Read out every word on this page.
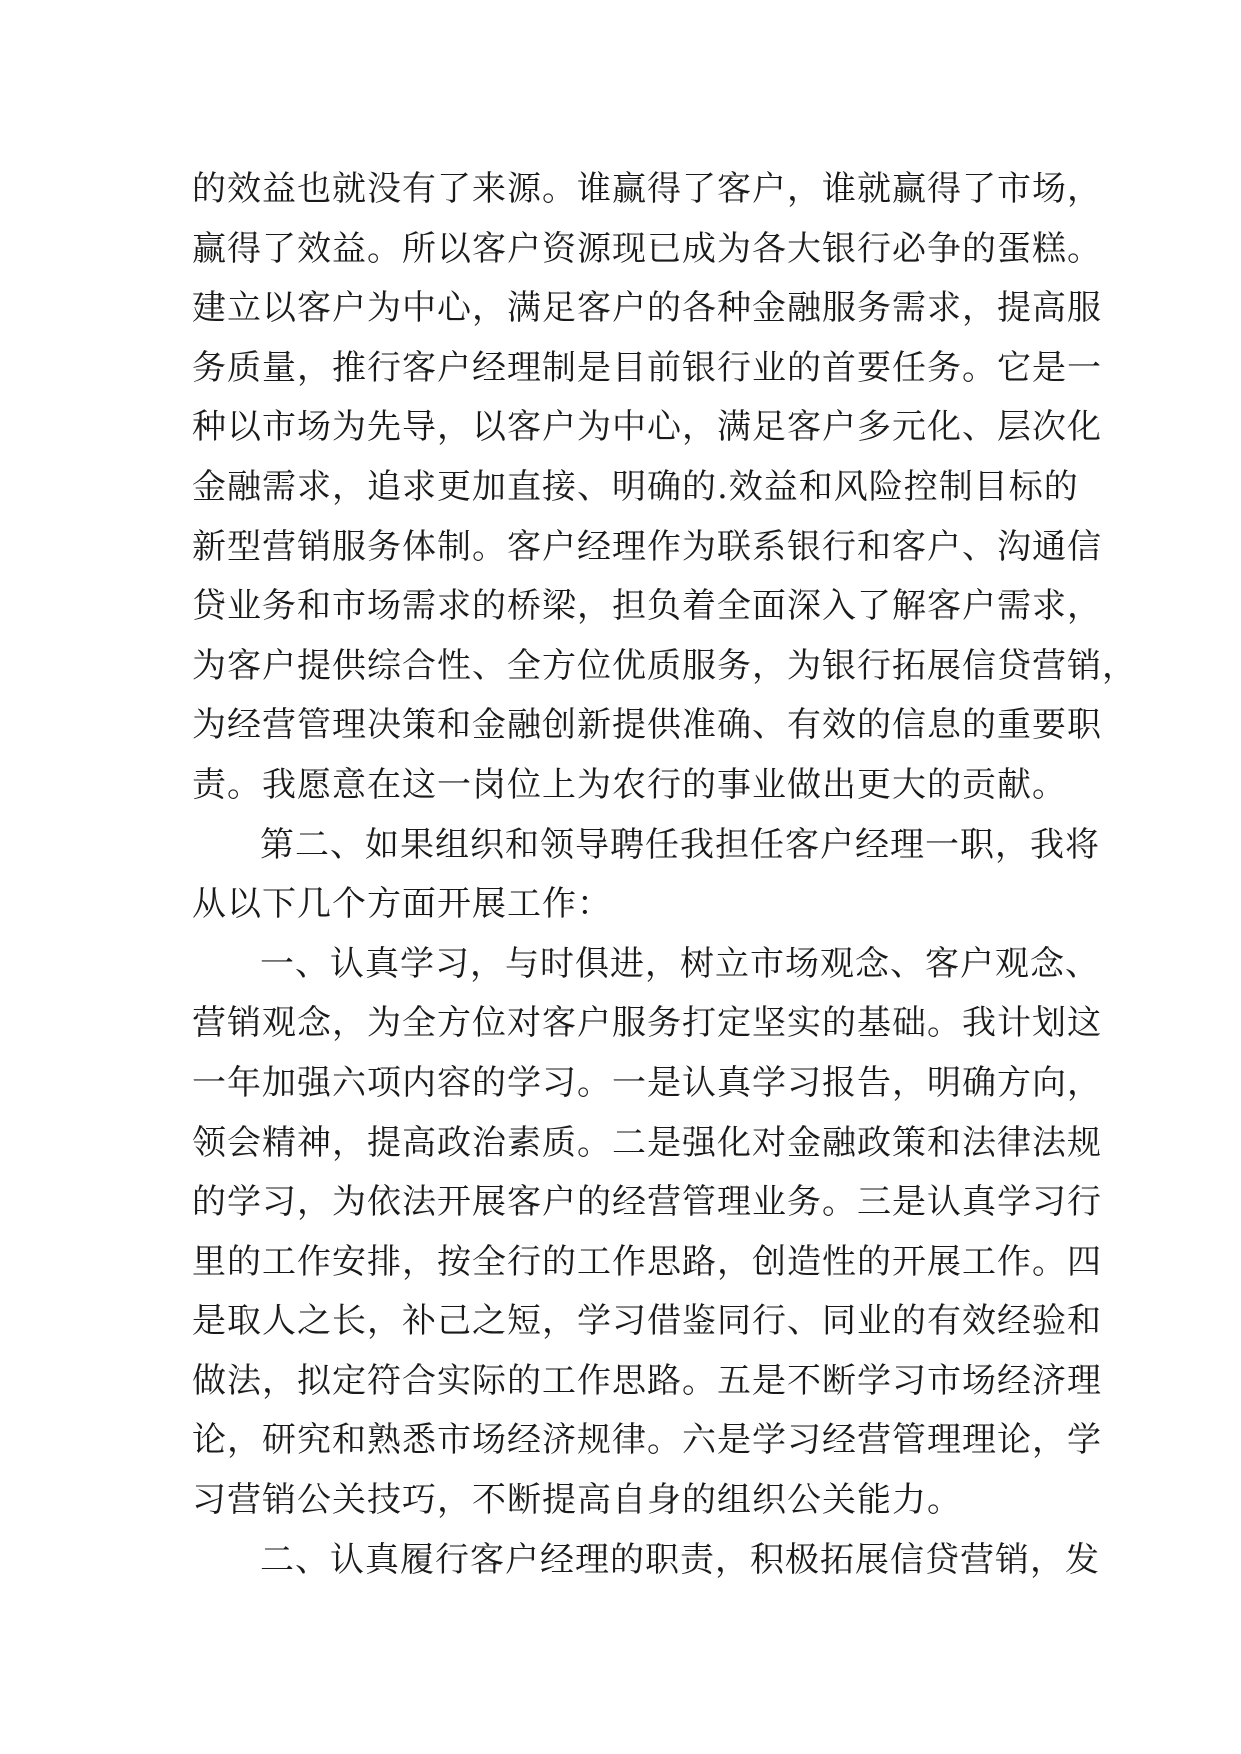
的效益也就没有了来源。谁赢得了客户，谁就赢得了市场，
赢得了效益。所以客户资源现已成为各大银行必争的蛋糕。
建立以客户为中心，满足客户的各种金融服务需求，提高服
务质量，推行客户经理制是目前银行业的首要任务。它是一
种以市场为先导，以客户为中心，满足客户多元化、层次化
金融需求，追求更加直接、明确的.效益和风险控制目标的
新型营销服务体制。客户经理作为联系银行和客户、沟通信
贷业务和市场需求的桥梁，担负着全面深入了解客户需求，
为客户提供综合性、全方位优质服务，为银行拓展信贷营销，
为经营管理决策和金融创新提供准确、有效的信息的重要职
责。我愿意在这一岗位上为农行的事业做出更大的贡献。
第二、如果组织和领导聘任我担任客户经理一职，我将
从以下几个方面开展工作：
一、认真学习，与时俱进，树立市场观念、客户观念、
营销观念，为全方位对客户服务打定坚实的基础。我计划这
一年加强六项内容的学习。一是认真学习报告，明确方向，
领会精神，提高政治素质。二是强化对金融政策和法律法规
的学习，为依法开展客户的经营管理业务。三是认真学习行
里的工作安排，按全行的工作思路，创造性的开展工作。四
是取人之长，补己之短，学习借鉴同行、同业的有效经验和
做法，拟定符合实际的工作思路。五是不断学习市场经济理
论，研究和熟悉市场经济规律。六是学习经营管理理论，学
习营销公关技巧，不断提高自身的组织公关能力。
二、认真履行客户经理的职责，积极拓展信贷营销，发
